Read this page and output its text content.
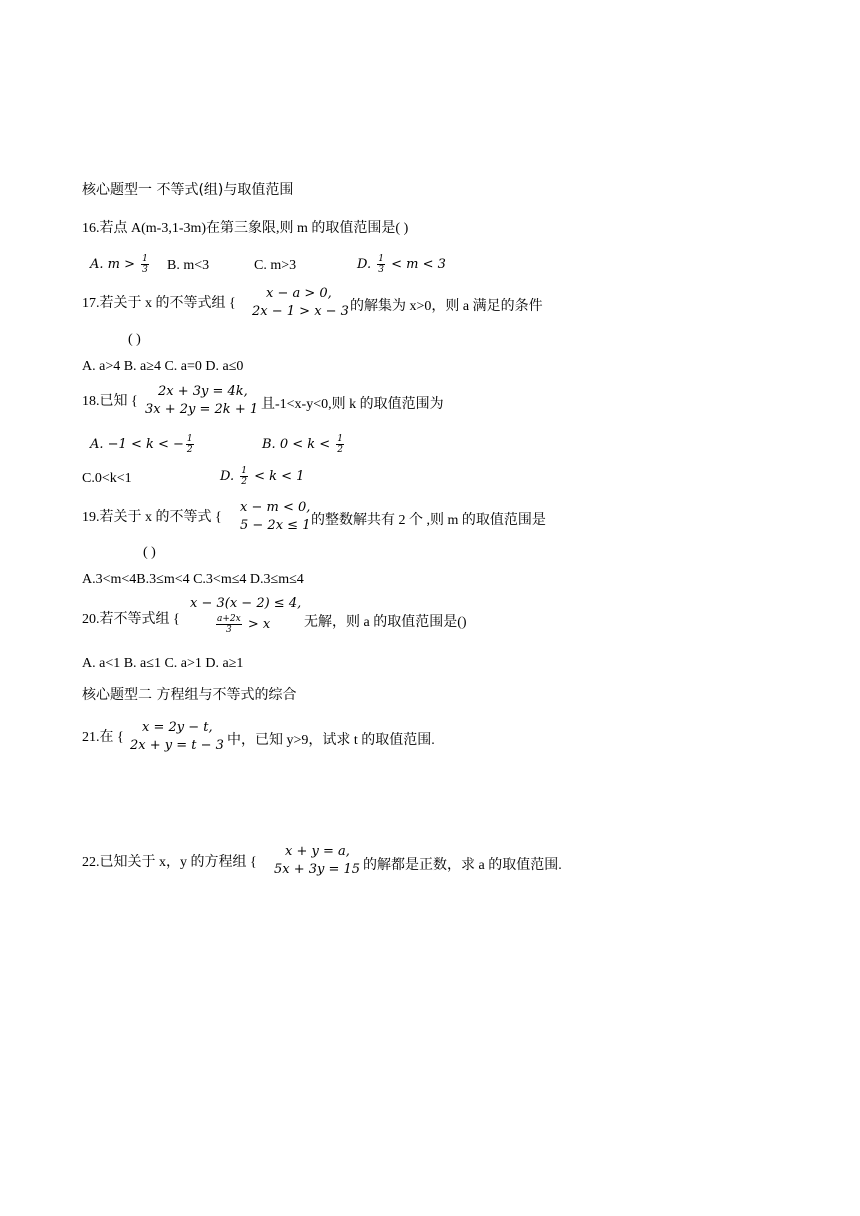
核心题型一 不等式(组)与取值范围
16.若点 A(m-3,1-3m)在第三象限,则 m 的取值范围是( )
A. $m > \frac{1}{3} B$. m<3	C. m>3	D. $\frac{1}{3} < m < 3$
17.若关于 x 的不等式组 {
x − a > 0,
2x − 1 > x − 3 的解集为 x>0，则 a 满足的条件
( )
A. a>4 B. a≥4 C. a=0 D. a≤0
18.已知 {
2x + 3y = 4k,
3x + 2y = 2k + 1 且-1<x-y<0,则 k 的取值范围为
A. −1 < k < − $\frac{1}{2}$	B. $0 < k < \frac{1}{2}$
C.0<k<1	D. $\frac{1}{2} < k < 1$
19.若关于 x 的不等式 {
x − m < 0,
5 − 2x ≤ 1 的整数解共有 2 个 ,则 m 的取值范围是
( )
A.3<m<4B.3≤m<4 C.3<m≤4 D.3≤m≤4
20.若不等式组 {
x − 3(x − 2) ≤ 4,
$\frac{a+2x}{3} > x$ 无解，则 a 的取值范围是()
A. a<1 B. a≤1 C. a>1 D. a≥1
核心题型二 方程组与不等式的综合
21.在 {
x = 2y − t,
2x + y = t − 3 中，已知 y>9，试求 t 的取值范围.
22.已知关于 x，y 的方程组 {
x + y = a,
5x + 3y = 15 的解都是正数，求 a 的取值范围.
